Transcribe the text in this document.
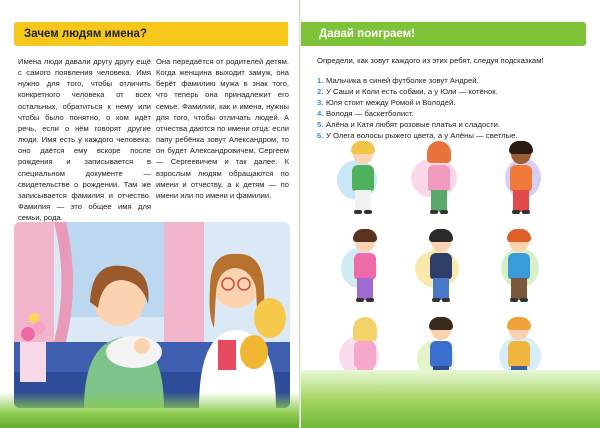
Зачем людям имена?
Имена люди давали другу другу ещё с самого появления человека. Имя нужно для того, чтобы отличить конкретного человека от всех остальных, обратиться к нему или чтобы было понятно, о ком идёт речь, если о нём говорят другие люди. Имя есть у каждого человека: оно даётся ему вскоре после рождения и записывается в специальном документе — свидетельстве о рождении. Там же записывается фамилия и отчество. Фамилия — это общее имя для семьи, рода.
Она передаётся от родителей детям. Когда женщина выходит замуж, она берёт фамилию мужа в знак того, что теперь она принадлежит его семье. Фамилии, как и имена, нужны для того, чтобы отличать людей. А отчества даются по имени отца: если папу ребёнка зовут Александром, то он будет Александровичем, Сергеем — Сергеевичем и так далее. К взрослым людям обращаются по имени и отчеству, а к детям — по имени или по имени и фамилии.
Давай поиграем!
Определи, как зовут каждого из этих ребят, следуя подсказкам!
1. Мальчика в синей футболке зовут Андрей.
2. У Саши и Коли есть собаки, а у Юли — котёнок.
3. Юля стоит между Ромой и Володей.
4. Володя — баскетболист.
5. Алёна и Катя любят розовые платья и сладости.
6. У Олега волосы рыжего цвета, а у Алёны — светлые.
